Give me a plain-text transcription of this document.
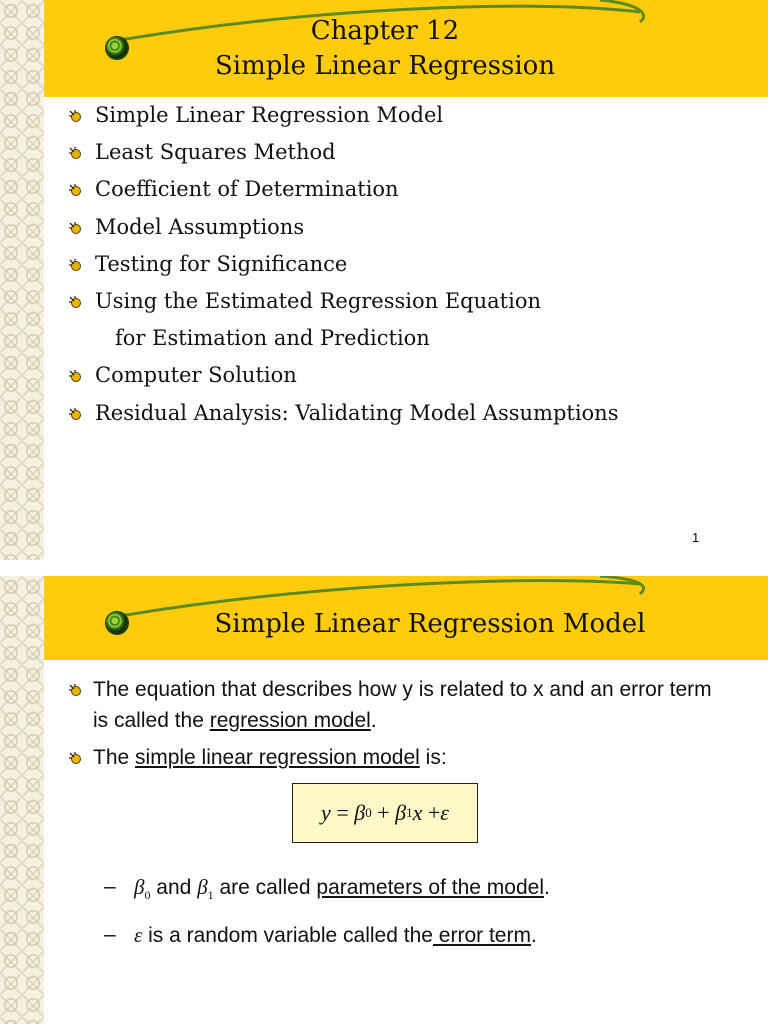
Chapter 12
Simple Linear Regression
Simple Linear Regression Model
Least Squares Method
Coefficient of Determination
Model Assumptions
Testing for Significance
Using the Estimated Regression Equation
for Estimation and Prediction
Computer Solution
Residual Analysis: Validating Model Assumptions
1
Simple Linear Regression Model
The equation that describes how y is related to x and an error term is called the regression model.
The simple linear regression model is:
y = β 0 + β 1 x + ε
– $\beta_0$ and $\beta_1$ are called parameters of the model.
– ε is a random variable called the error term.
